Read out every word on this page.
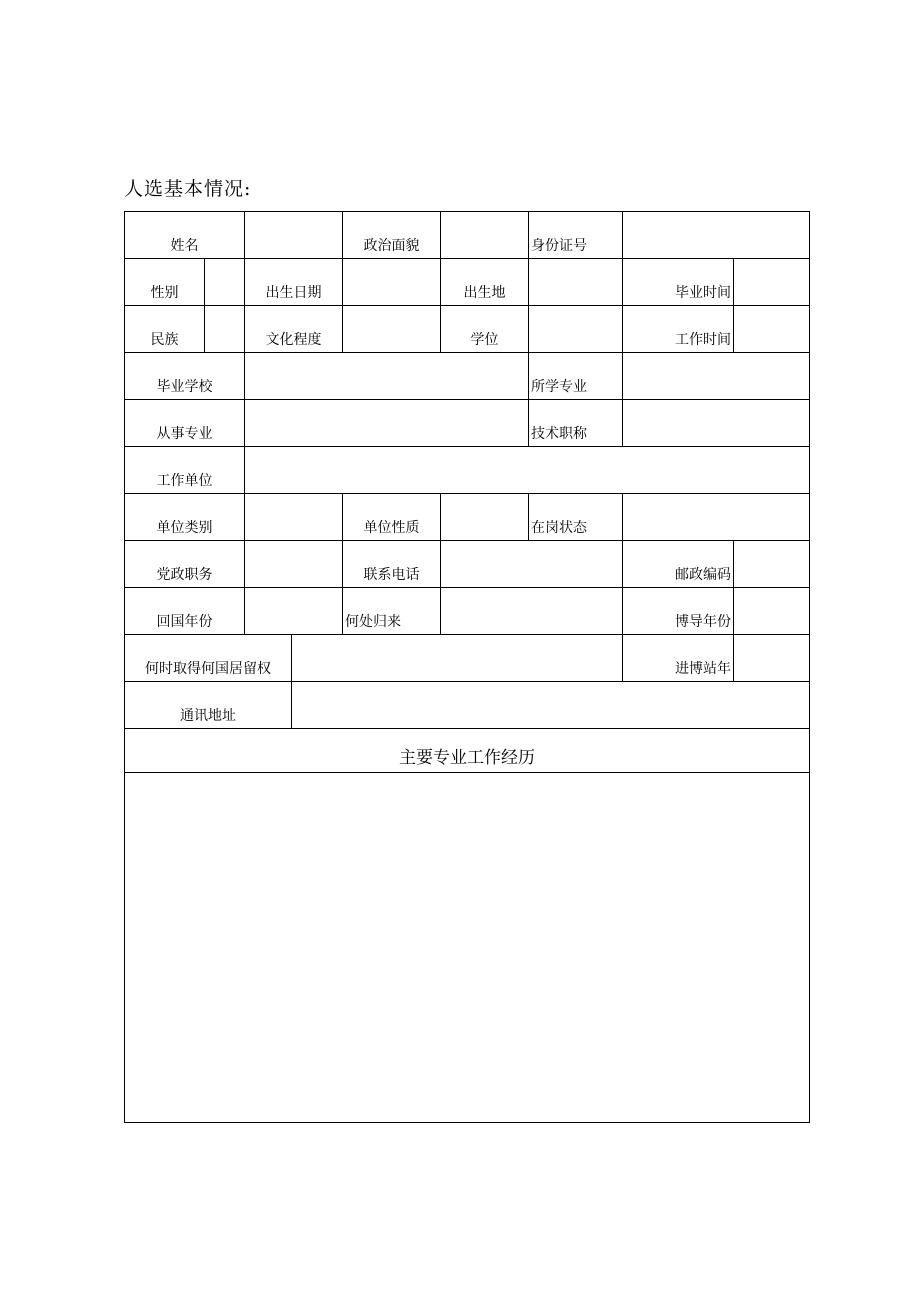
人选基本情况:
姓名				政治面貌		身份证号		
性别		出生日期			出生地		毕业时间	
民族		文化程度			学位		工作时间	
毕业学校						所学专业		
从事专业						技术职称		
工作单位								
单位类别				单位性质		在岗状态		
党政职务				联系电话			邮政编码	
回国年份				何处归来			博导年份	
何时取得何国居留权							进博站年	
通讯地址								
主要专业工作经历								
